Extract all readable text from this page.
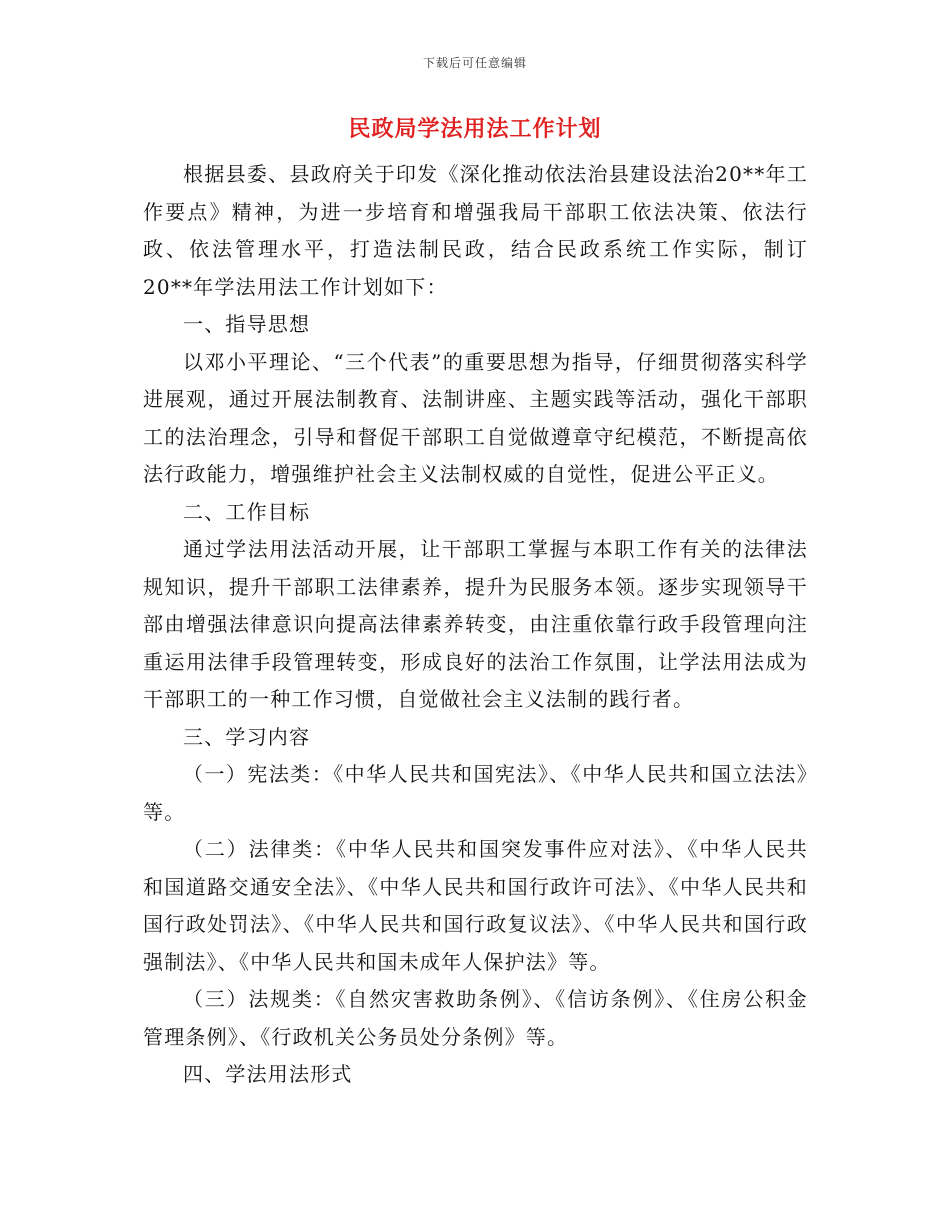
下载后可任意编辑
民政局学法用法工作计划

根据县委、县政府关于印发《深化推动依法治县建设法治20**年工作要点》精神，为进一步培育和增强我局干部职工依法决策、依法行政、依法管理水平，打造法制民政，结合民政系统工作实际，制订20**年学法用法工作计划如下：

一、指导思想

以邓小平理论、“三个代表”的重要思想为指导，仔细贯彻落实科学进展观，通过开展法制教育、法制讲座、主题实践等活动，强化干部职工的法治理念，引导和督促干部职工自觉做遵章守纪模范，不断提高依法行政能力，增强维护社会主义法制权威的自觉性，促进公平正义。

二、工作目标

通过学法用法活动开展，让干部职工掌握与本职工作有关的法律法规知识，提升干部职工法律素养，提升为民服务本领。逐步实现领导干部由增强法律意识向提高法律素养转变，由注重依靠行政手段管理向注重运用法律手段管理转变，形成良好的法治工作氛围，让学法用法成为干部职工的一种工作习惯，自觉做社会主义法制的践行者。

三、学习内容

（一）宪法类：《中华人民共和国宪法》、《中华人民共和国立法法》等。

（二）法律类：《中华人民共和国突发事件应对法》、《中华人民共和国道路交通安全法》、《中华人民共和国行政许可法》、《中华人民共和国行政处罚法》、《中华人民共和国行政复议法》、《中华人民共和国行政强制法》、《中华人民共和国未成年人保护法》等。

（三）法规类：《自然灾害救助条例》、《信访条例》、《住房公积金管理条例》、《行政机关公务员处分条例》等。

四、学法用法形式
